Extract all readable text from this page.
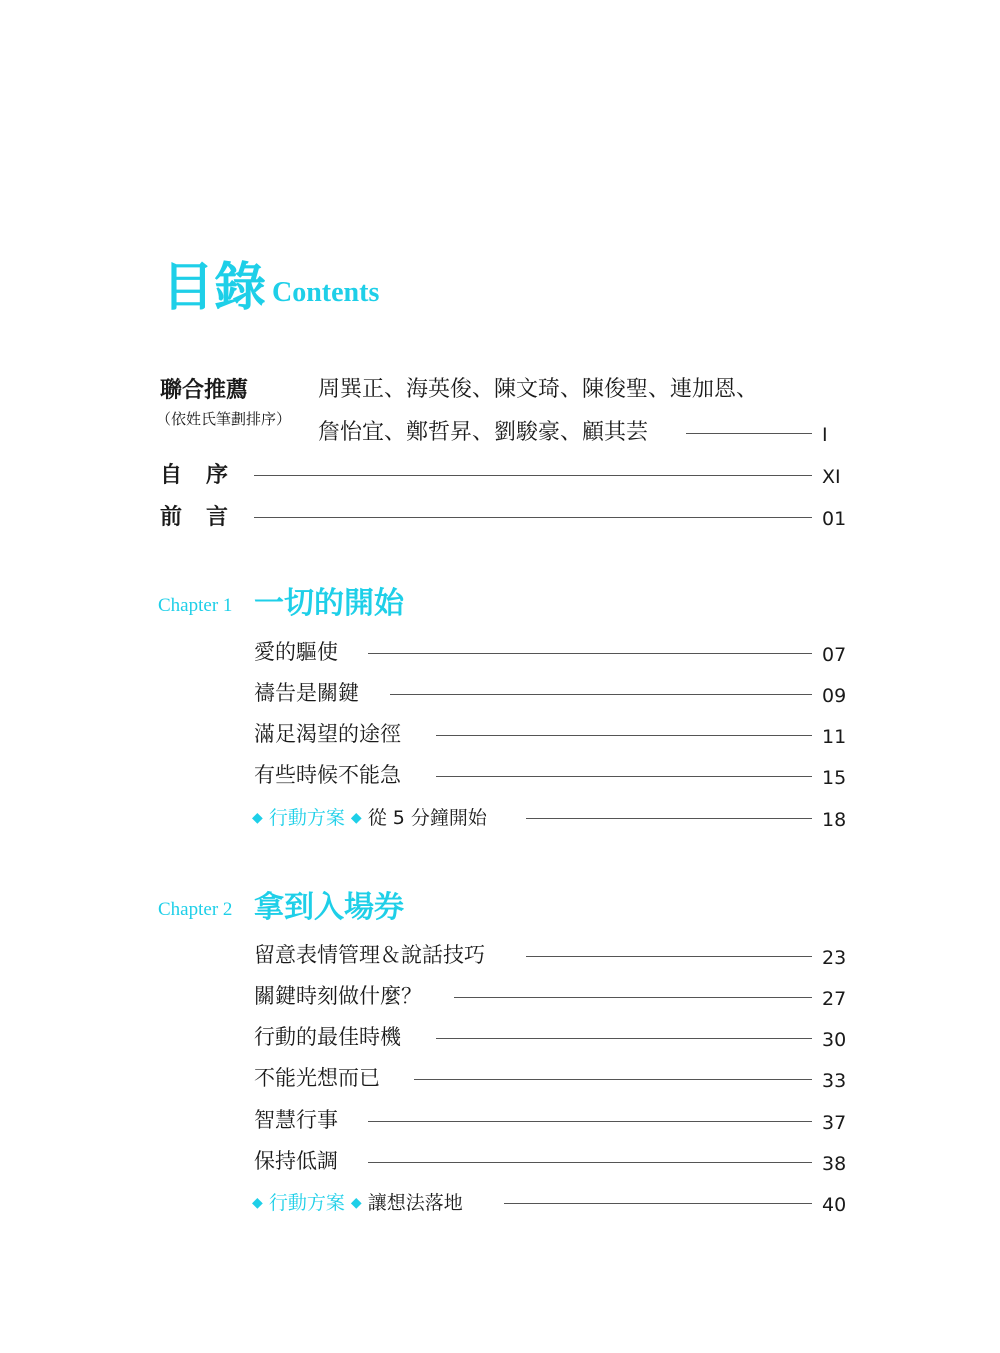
目錄 Contents
聯合推薦
（依姓氏筆劃排序）
周巽正、海英俊、陳文琦、陳俊聖、連加恩、
詹怡宜、鄭哲昇、劉駿豪、顧其芸	I
自 序	XI
前 言	01
Chapter 1 一切的開始
愛的驅使	07
禱告是關鍵	09
滿足渴望的途徑	11
有些時候不能急	15
◆ 行動方案 ◆ 從 5 分鐘開始	18
Chapter 2 拿到入場券
留意表情管理＆說話技巧	23
關鍵時刻做什麼？	27
行動的最佳時機	30
不能光想而已	33
智慧行事	37
保持低調	38
◆ 行動方案 ◆ 讓想法落地	40
